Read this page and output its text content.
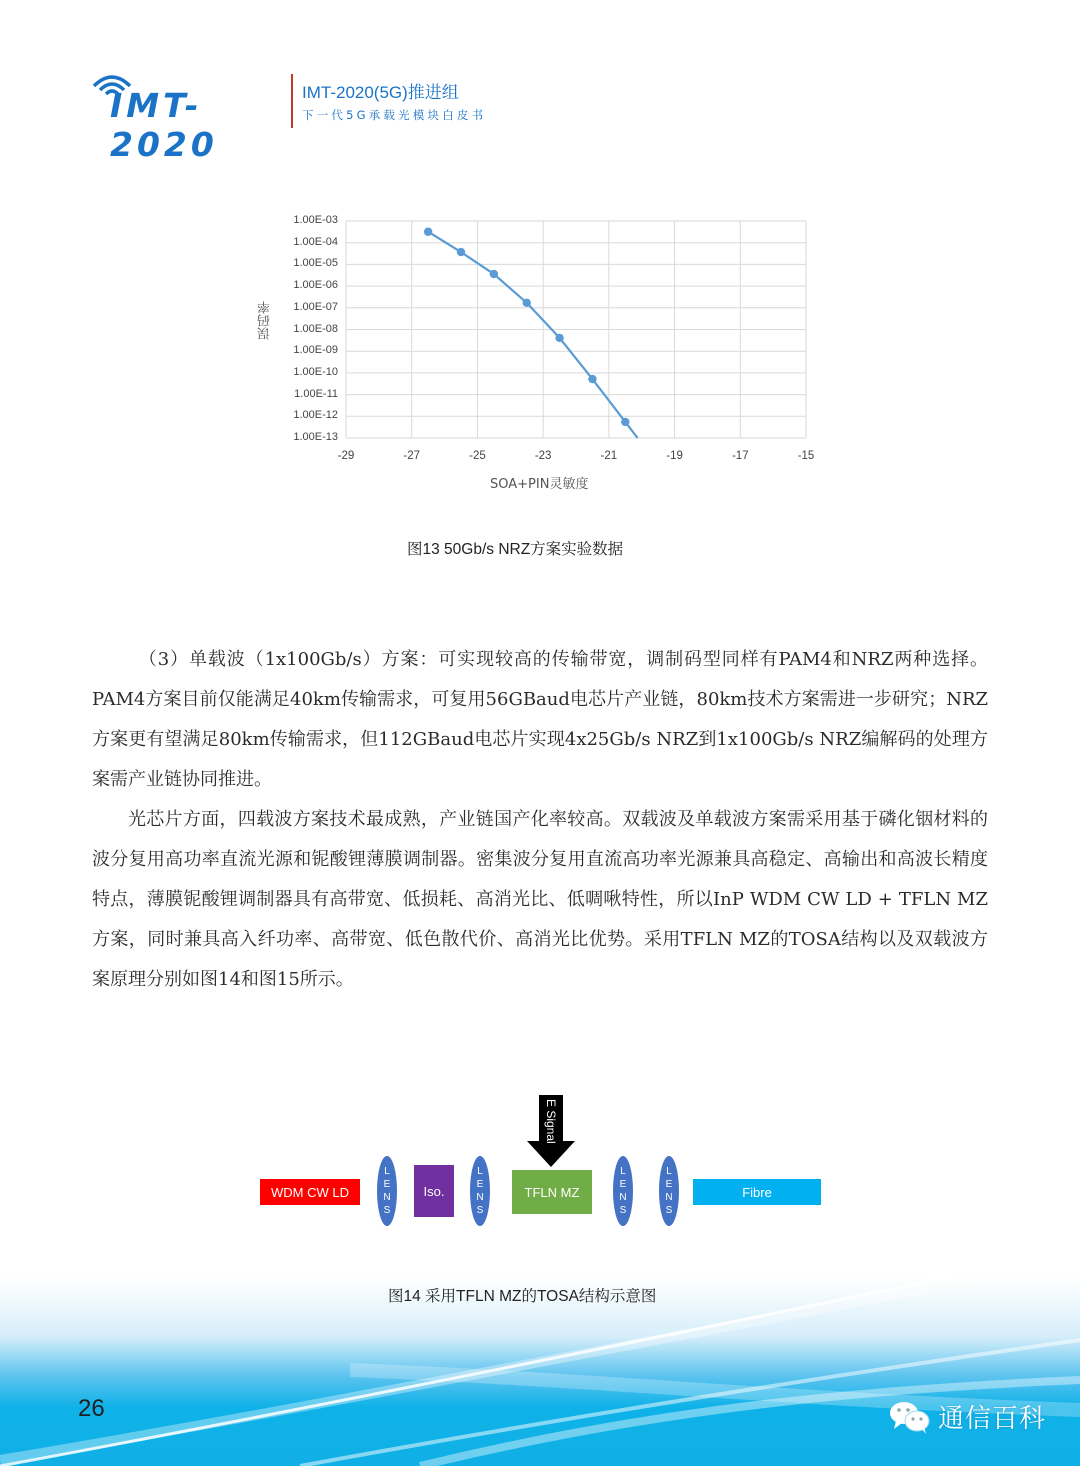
IMT-2020
IMT-2020(5G)推进组
下一代5G承载光模块白皮书
1.00E-03
1.00E-04
1.00E-05
1.00E-06
1.00E-07
1.00E-08
1.00E-09
1.00E-10
1.00E-11
1.00E-12
1.00E-13
-29	-27	-25	-23	-21	-19	-17	-15
误码率
SOA+PIN灵敏度
图13 50Gb/s NRZ方案实验数据

（3）单载波（1x100Gb/s）方案：可实现较高的传输带宽，调制码型同样有PAM4和NRZ两种选择。PAM4方案目前仅能满足40km传输需求，可复用56GBaud电芯片产业链，80km技术方案需进一步研究；NRZ方案更有望满足80km传输需求，但112GBaud电芯片实现4x25Gb/s NRZ到1x100Gb/s NRZ编解码的处理方案需产业链协同推进。

光芯片方面，四载波方案技术最成熟，产业链国产化率较高。双载波及单载波方案需采用基于磷化铟材料的波分复用高功率直流光源和铌酸锂薄膜调制器。密集波分复用直流高功率光源兼具高稳定、高输出和高波长精度特点，薄膜铌酸锂调制器具有高带宽、低损耗、高消光比、低啁啾特性，所以InP WDM CW LD + TFLN MZ方案，同时兼具高入纤功率、高带宽、低色散代价、高消光比优势。采用TFLN MZ的TOSA结构以及双载波方案原理分别如图14和图15所示。

WDM CW LD
L
E
N
S
Iso.
L
E
N
S
TFLN MZ
E Signal
L
E
N
S
L
E
N
S
Fibre
图14 采用TFLN MZ的TOSA结构示意图
26	通信百科
